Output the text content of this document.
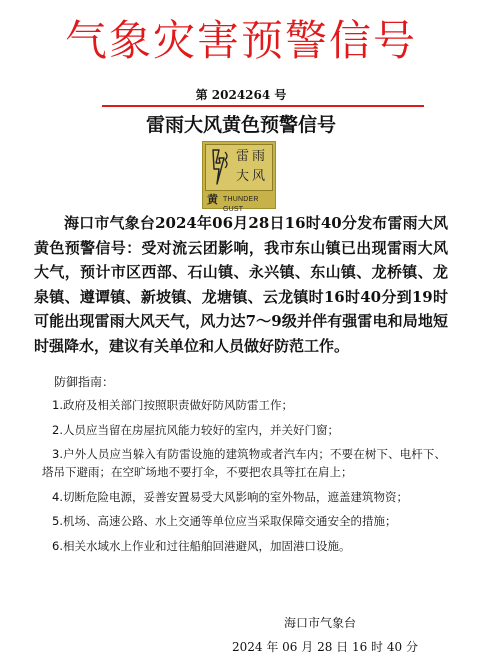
气象灾害预警信号
第 2024264 号
雷雨大风黄色预警信号
雷 雨
大 风
黄 THUNDER GUST

海口市气象台2024年06月28日16时40分发布雷雨大风黄色预警信号：受对流云团影响，我市东山镇已出现雷雨大风大气，预计市区西部、石山镇、永兴镇、东山镇、龙桥镇、龙泉镇、遵谭镇、新坡镇、龙塘镇、云龙镇时16时40分到19时可能出现雷雨大风天气，风力达7～9级并伴有强雷电和局地短时强降水，建议有关单位和人员做好防范工作。

防御指南：
1.政府及相关部门按照职责做好防风防雷工作；
2.人员应当留在房屋抗风能力较好的室内，并关好门窗；
3.户外人员应当躲入有防雷设施的建筑物或者汽车内；不要在树下、电杆下、塔吊下避雨；在空旷场地不要打伞，不要把农具等扛在肩上；
4.切断危险电源，妥善安置易受大风影响的室外物品，遮盖建筑物资；
5.机场、高速公路、水上交通等单位应当采取保障交通安全的措施；
6.相关水域水上作业和过往船舶回港避风，加固港口设施。
海口市气象台
2024 年 06 月 28 日 16 时 40 分
